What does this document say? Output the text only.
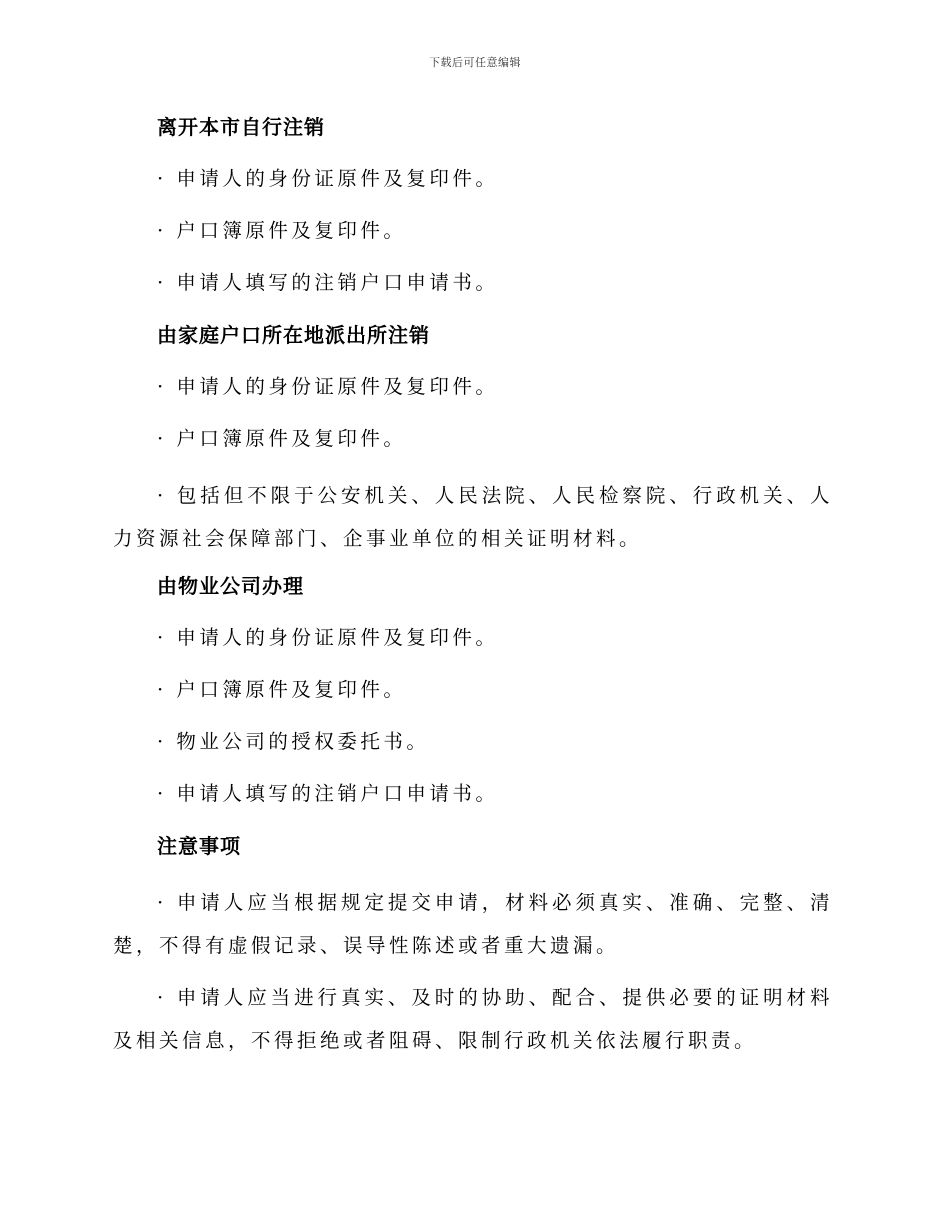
下载后可任意编辑
离开本市自行注销
· 申请人的身份证原件及复印件。
· 户口簿原件及复印件。
· 申请人填写的注销户口申请书。
由家庭户口所在地派出所注销
· 申请人的身份证原件及复印件。
· 户口簿原件及复印件。

· 包括但不限于公安机关、人民法院、人民检察院、行政机关、人力资源社会保障部门、企事业单位的相关证明材料。

由物业公司办理
· 申请人的身份证原件及复印件。
· 户口簿原件及复印件。
· 物业公司的授权委托书。
· 申请人填写的注销户口申请书。
注意事项

· 申请人应当根据规定提交申请，材料必须真实、准确、完整、清楚，不得有虚假记录、误导性陈述或者重大遗漏。

· 申请人应当进行真实、及时的协助、配合、提供必要的证明材料及相关信息，不得拒绝或者阻碍、限制行政机关依法履行职责。
